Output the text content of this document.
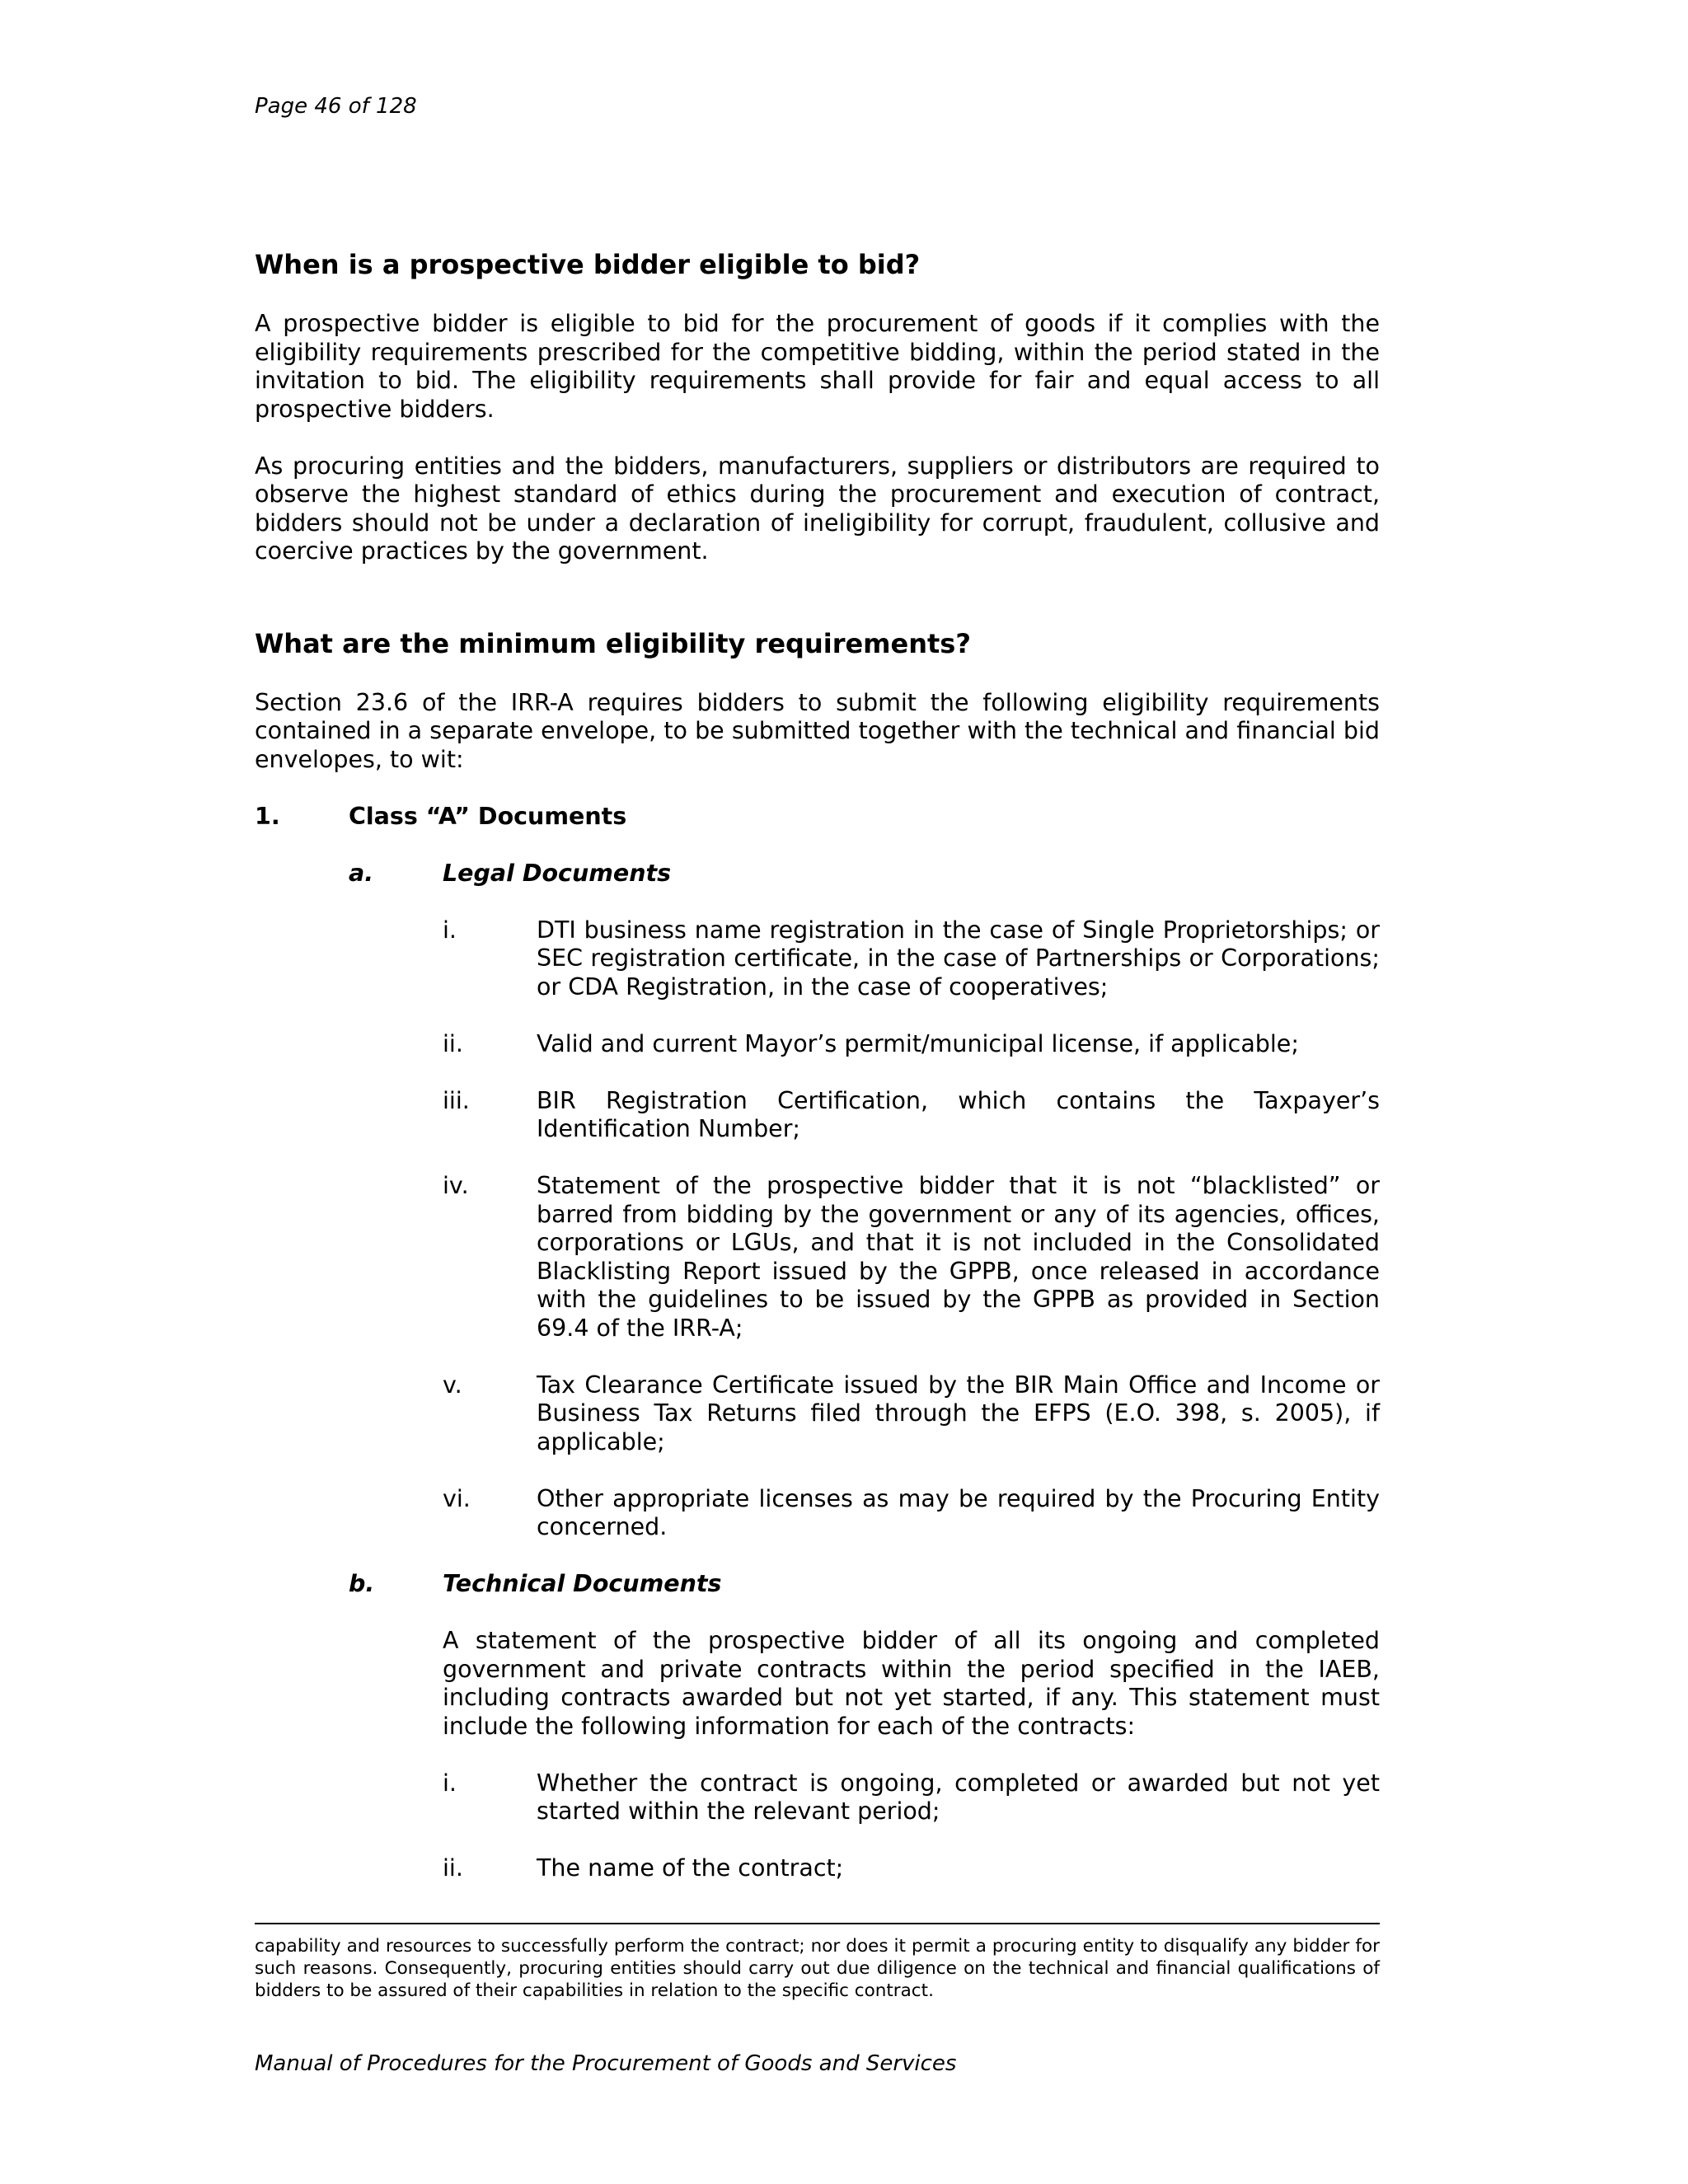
Page 46 of 128
When is a prospective bidder eligible to bid?

A prospective bidder is eligible to bid for the procurement of goods if it complies with the eligibility requirements prescribed for the competitive bidding, within the period stated in the invitation to bid. The eligibility requirements shall provide for fair and equal access to all prospective bidders.

As procuring entities and the bidders, manufacturers, suppliers or distributors are required to observe the highest standard of ethics during the procurement and execution of contract, bidders should not be under a declaration of ineligibility for corrupt, fraudulent, collusive and coercive practices by the government.

What are the minimum eligibility requirements?

Section 23.6 of the IRR-A requires bidders to submit the following eligibility requirements contained in a separate envelope, to be submitted together with the technical and financial bid envelopes, to wit:

1.	Class “A” Documents
a.	Legal Documents
i.	DTI business name registration in the case of Single Proprietorships; or SEC registration certificate, in the case of Partnerships or Corporations; or CDA Registration, in the case of cooperatives;
ii.	Valid and current Mayor’s permit/municipal license, if applicable;
iii.	BIR Registration Certification, which contains the Taxpayer’s Identification Number;
iv.	Statement of the prospective bidder that it is not “blacklisted” or barred from bidding by the government or any of its agencies, offices, corporations or LGUs, and that it is not included in the Consolidated Blacklisting Report issued by the GPPB, once released in accordance with the guidelines to be issued by the GPPB as provided in Section 69.4 of the IRR-A;
v.	Tax Clearance Certificate issued by the BIR Main Office and Income or Business Tax Returns filed through the EFPS (E.O. 398, s. 2005), if applicable;
vi.	Other appropriate licenses as may be required by the Procuring Entity concerned.
b.	Technical Documents

A statement of the prospective bidder of all its ongoing and completed government and private contracts within the period specified in the IAEB, including contracts awarded but not yet started, if any. This statement must include the following information for each of the contracts:

i.	Whether the contract is ongoing, completed or awarded but not yet started within the relevant period;
ii.	The name of the contract;
capability and resources to successfully perform the contract; nor does it permit a procuring entity to disqualify any bidder for such reasons. Consequently, procuring entities should carry out due diligence on the technical and financial qualifications of bidders to be assured of their capabilities in relation to the specific contract.
Manual of Procedures for the Procurement of Goods and Services
